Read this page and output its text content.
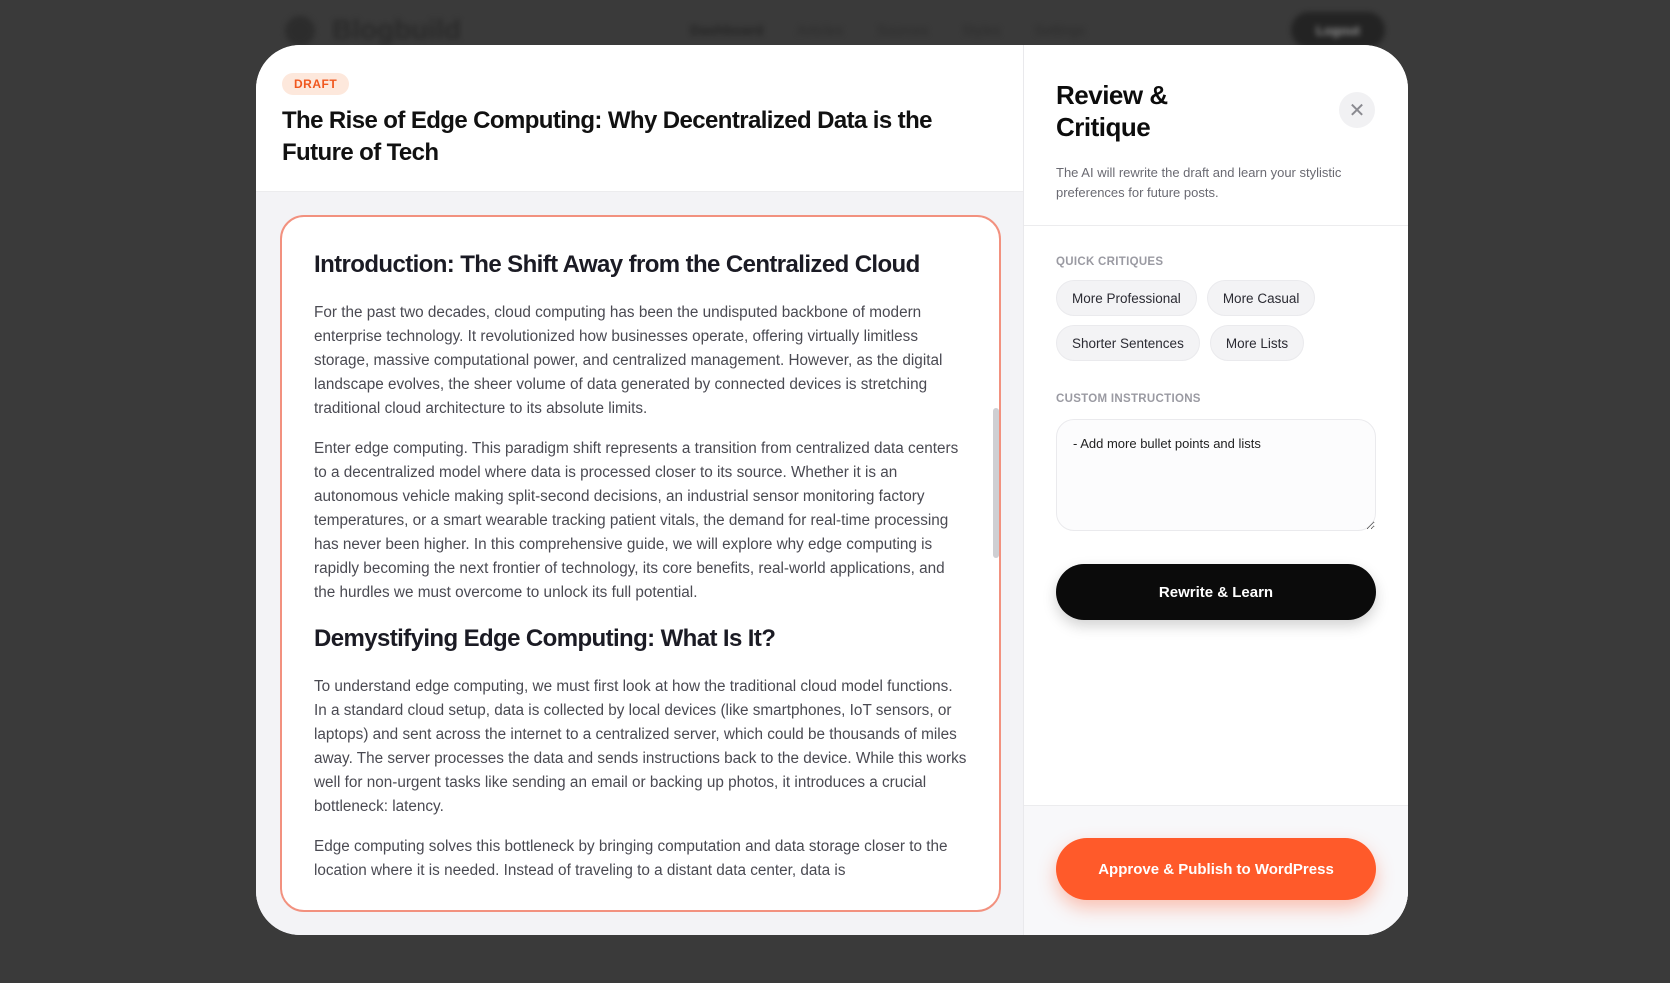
Blogbuild	Dashboard Articles Sources Styles Settings	Logout
DRAFT
The Rise of Edge Computing: Why Decentralized Data is the Future of Tech
Introduction: The Shift Away from the Centralized Cloud

For the past two decades, cloud computing has been the undisputed backbone of modern enterprise technology. It revolutionized how businesses operate, offering virtually limitless storage, massive computational power, and centralized management. However, as the digital landscape evolves, the sheer volume of data generated by connected devices is stretching traditional cloud architecture to its absolute limits.

Enter edge computing. This paradigm shift represents a transition from centralized data centers to a decentralized model where data is processed closer to its source. Whether it is an autonomous vehicle making split-second decisions, an industrial sensor monitoring factory temperatures, or a smart wearable tracking patient vitals, the demand for real-time processing has never been higher. In this comprehensive guide, we will explore why edge computing is rapidly becoming the next frontier of technology, its core benefits, real-world applications, and the hurdles we must overcome to unlock its full potential.

Demystifying Edge Computing: What Is It?

To understand edge computing, we must first look at how the traditional cloud model functions. In a standard cloud setup, data is collected by local devices (like smartphones, IoT sensors, or laptops) and sent across the internet to a centralized server, which could be thousands of miles away. The server processes the data and sends instructions back to the device. While this works well for non-urgent tasks like sending an email or backing up photos, it introduces a crucial bottleneck: latency.

Edge computing solves this bottleneck by bringing computation and data storage closer to the location where it is needed. Instead of traveling to a distant data center, data is

Review & Critique

The AI will rewrite the draft and learn your stylistic preferences for future posts.

✕
QUICK CRITIQUES
More Professional	More Casual
Shorter Sentences	More Lists
CUSTOM INSTRUCTIONS
- Add more bullet points and lists Rewrite & Learn
Approve & Publish to WordPress
